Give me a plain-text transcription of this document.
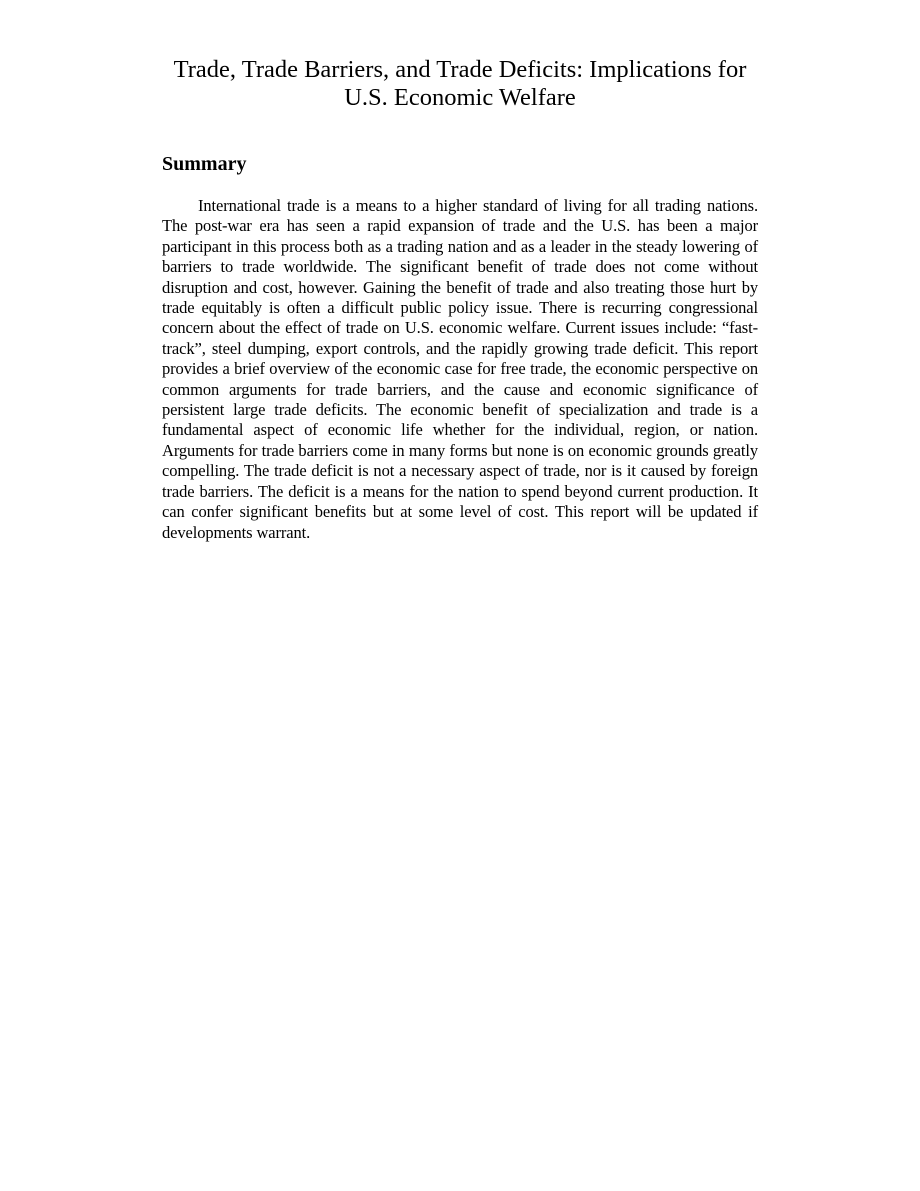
Trade, Trade Barriers, and Trade Deficits: Implications for U.S. Economic Welfare
Summary

International trade is a means to a higher standard of living for all trading nations. The post-war era has seen a rapid expansion of trade and the U.S. has been a major participant in this process both as a trading nation and as a leader in the steady lowering of barriers to trade worldwide. The significant benefit of trade does not come without disruption and cost, however. Gaining the benefit of trade and also treating those hurt by trade equitably is often a difficult public policy issue. There is recurring congressional concern about the effect of trade on U.S. economic welfare. Current issues include: “fast-track”, steel dumping, export controls, and the rapidly growing trade deficit. This report provides a brief overview of the economic case for free trade, the economic perspective on common arguments for trade barriers, and the cause and economic significance of persistent large trade deficits. The economic benefit of specialization and trade is a fundamental aspect of economic life whether for the individual, region, or nation. Arguments for trade barriers come in many forms but none is on economic grounds greatly compelling. The trade deficit is not a necessary aspect of trade, nor is it caused by foreign trade barriers. The deficit is a means for the nation to spend beyond current production. It can confer significant benefits but at some level of cost. This report will be updated if developments warrant.
